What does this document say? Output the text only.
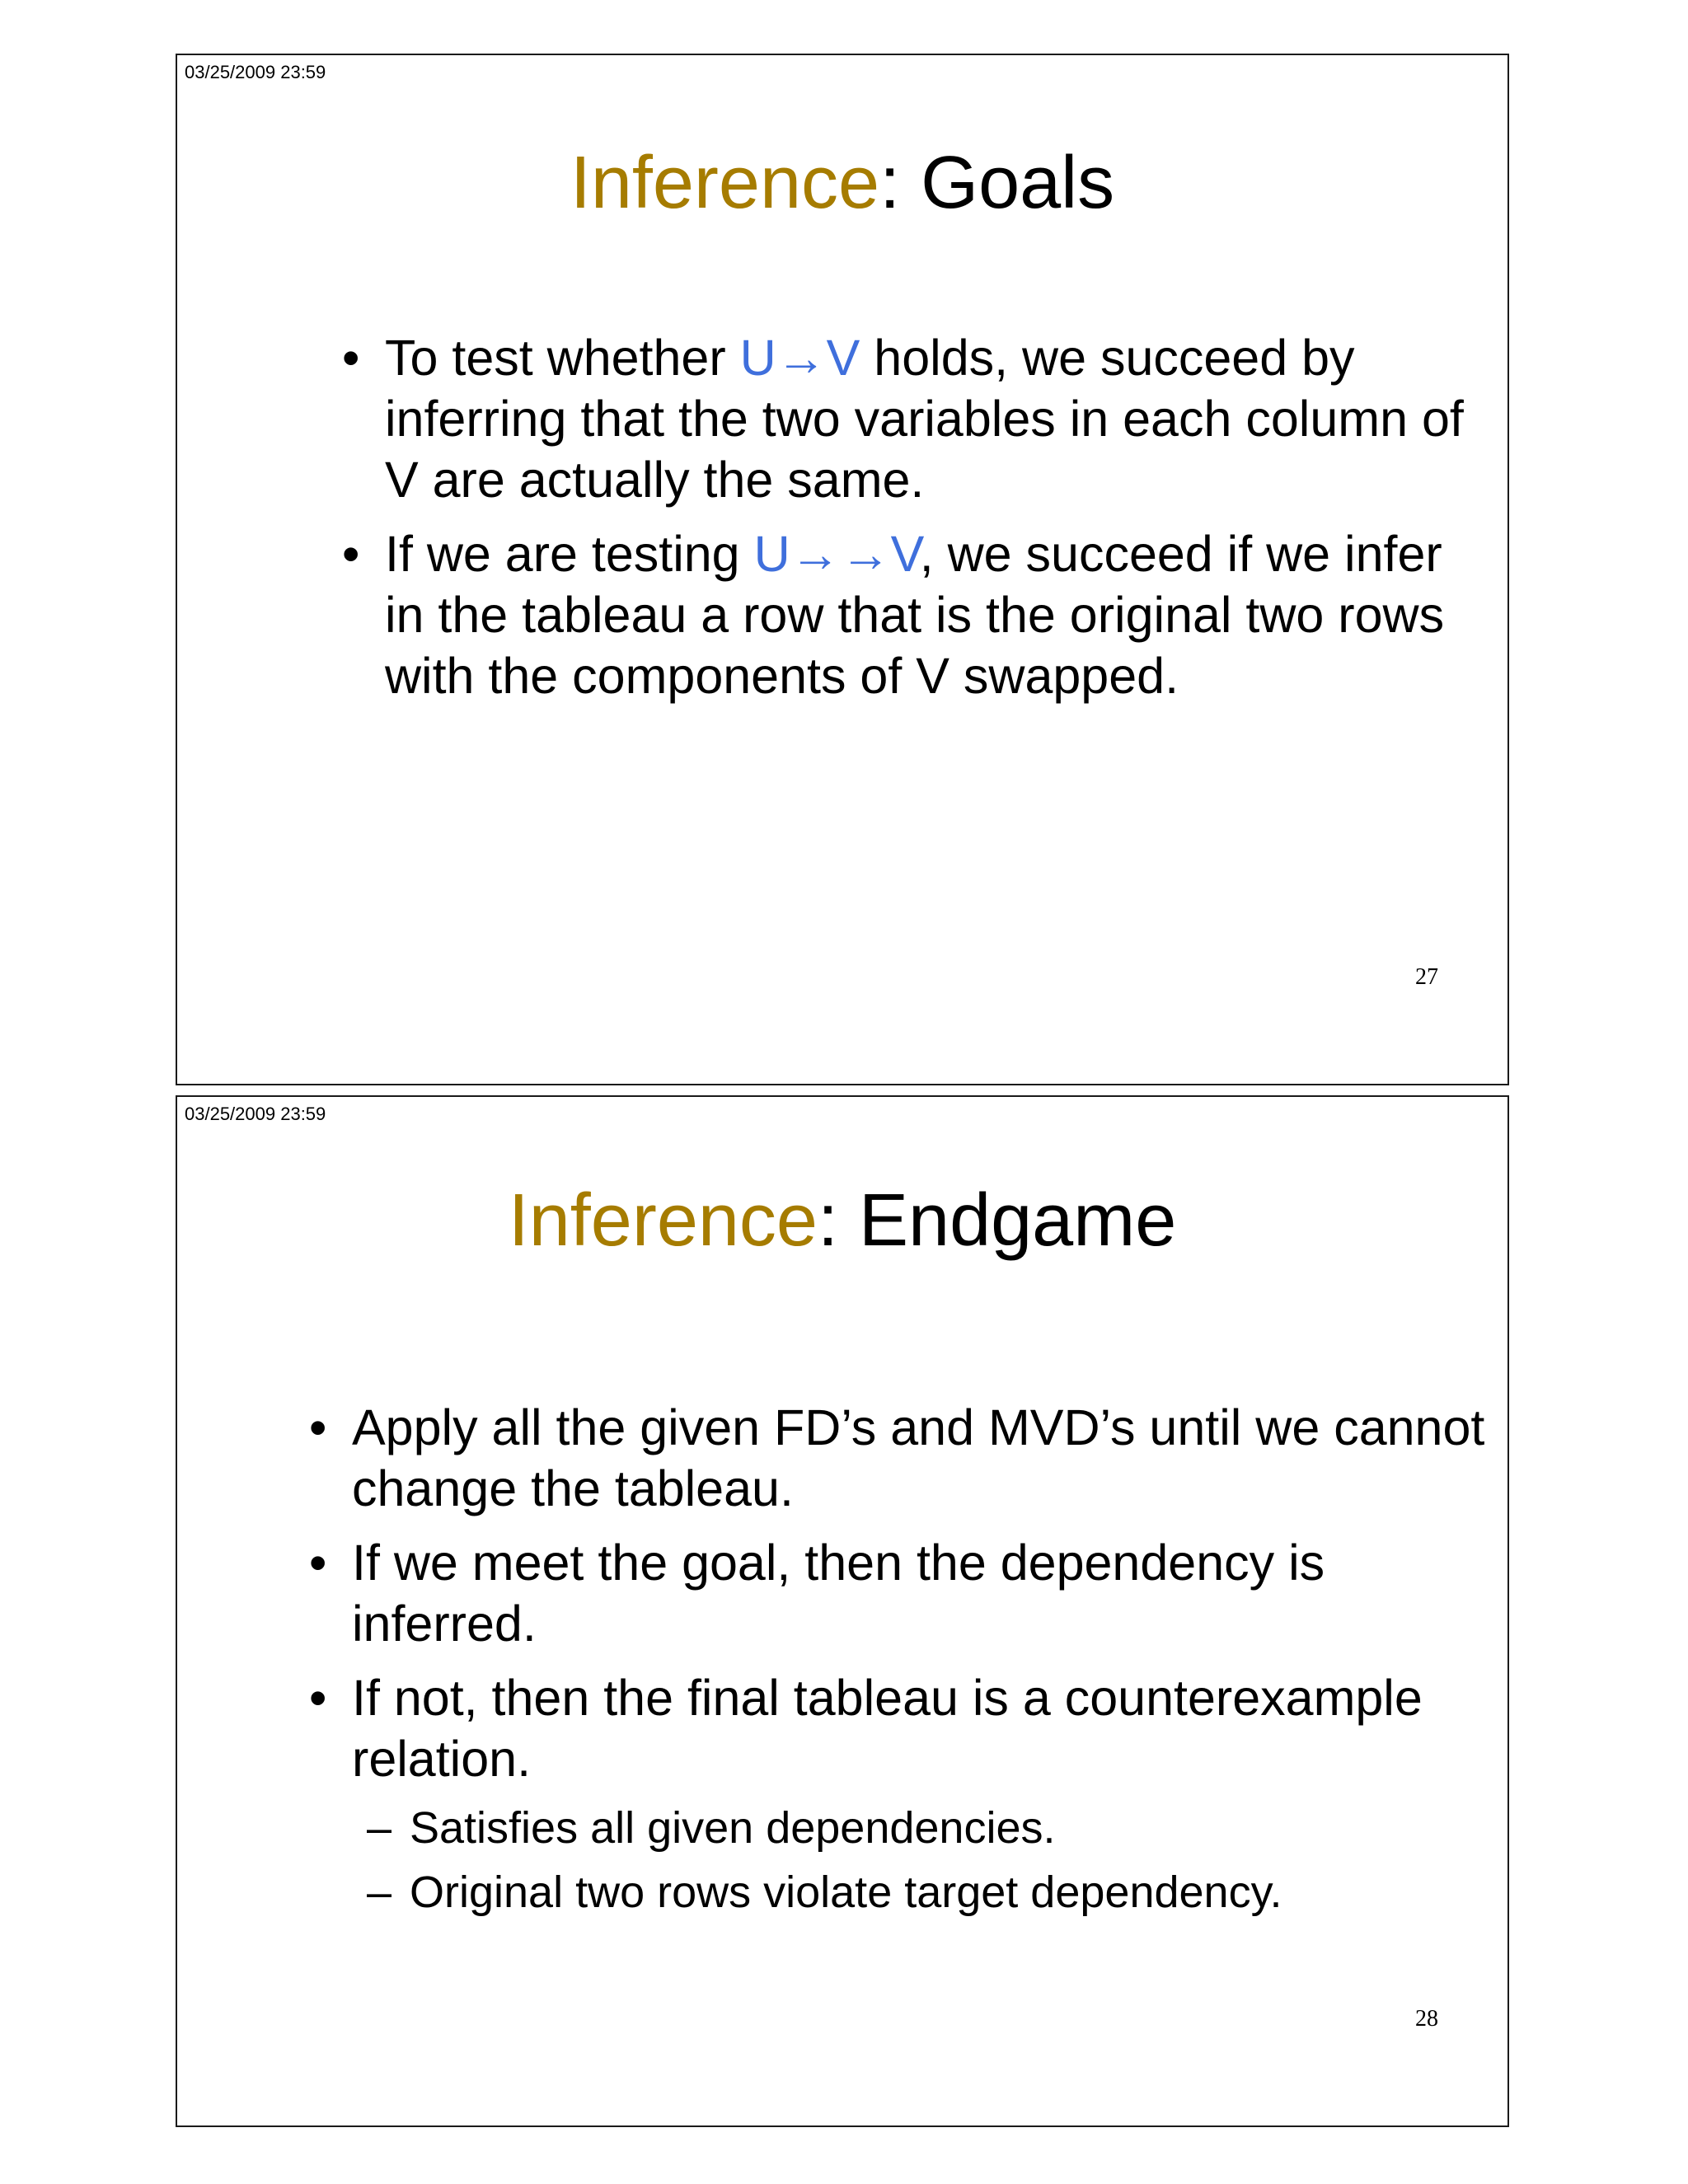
03/25/2009 23:59
Inference: Goals
• To test whether U→V holds, we succeed by inferring that the two variables in each column of V are actually the same.
• If we are testing U→→V, we succeed if we infer in the tableau a row that is the original two rows with the components of V swapped.
27
03/25/2009 23:59
Inference: Endgame
• Apply all the given FD’s and MVD’s until we cannot change the tableau.
• If we meet the goal, then the dependency is inferred.
• If not, then the final tableau is a counterexample relation.
– Satisfies all given dependencies.
– Original two rows violate target dependency.
28
